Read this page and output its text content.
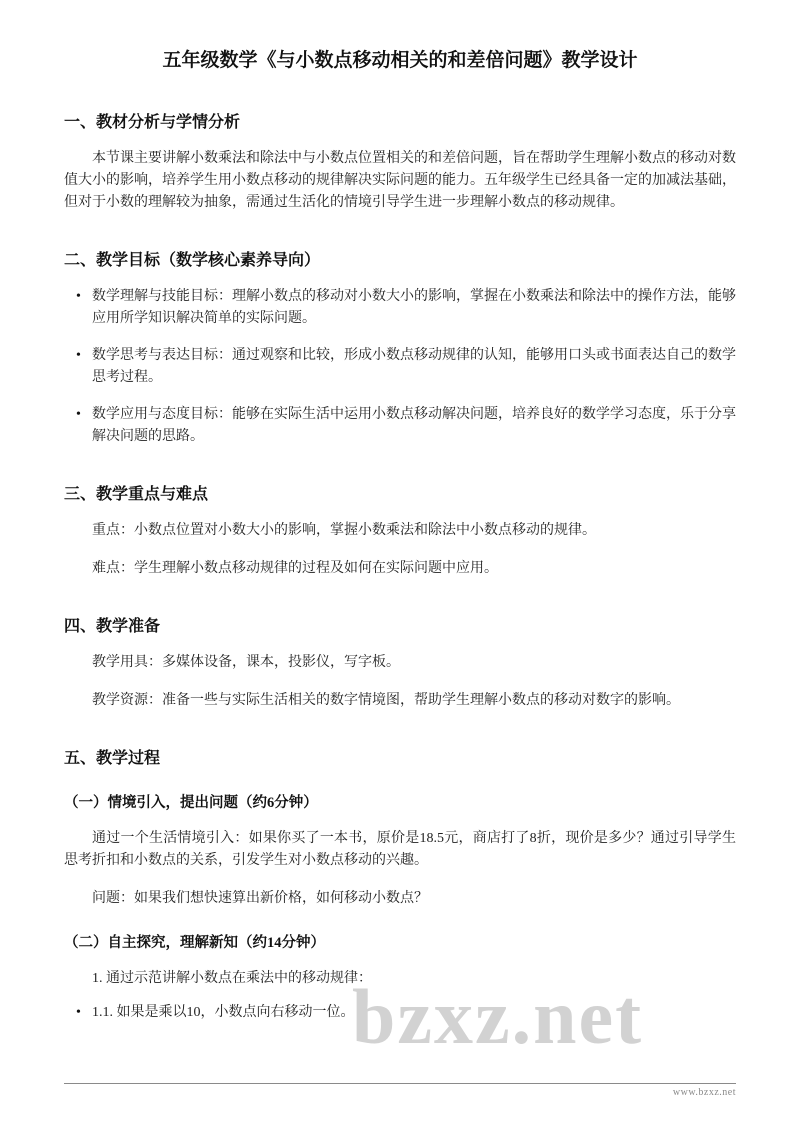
bzxz.net
五年级数学《与小数点移动相关的和差倍问题》教学设计
一、教材分析与学情分析

本节课主要讲解小数乘法和除法中与小数点位置相关的和差倍问题，旨在帮助学生理解小数点的移动对数值大小的影响，培养学生用小数点移动的规律解决实际问题的能力。五年级学生已经具备一定的加减法基础，但对于小数的理解较为抽象，需通过生活化的情境引导学生进一步理解小数点的移动规律。

二、教学目标（数学核心素养导向）
• 数学理解与技能目标：理解小数点的移动对小数大小的影响，掌握在小数乘法和除法中的操作方法，能够应用所学知识解决简单的实际问题。
• 数学思考与表达目标：通过观察和比较，形成小数点移动规律的认知，能够用口头或书面表达自己的数学思考过程。
• 数学应用与态度目标：能够在实际生活中运用小数点移动解决问题，培养良好的数学学习态度，乐于分享解决问题的思路。
三、教学重点与难点

重点：小数点位置对小数大小的影响，掌握小数乘法和除法中小数点移动的规律。

难点：学生理解小数点移动规律的过程及如何在实际问题中应用。

四、教学准备

教学用具：多媒体设备，课本，投影仪，写字板。

教学资源：准备一些与实际生活相关的数字情境图，帮助学生理解小数点的移动对数字的影响。

五、教学过程
（一）情境引入，提出问题（约6分钟）

通过一个生活情境引入：如果你买了一本书，原价是18.5元，商店打了8折，现价是多少？通过引导学生思考折扣和小数点的关系，引发学生对小数点移动的兴趣。

问题：如果我们想快速算出新价格，如何移动小数点？

（二）自主探究，理解新知（约14分钟）

1. 通过示范讲解小数点在乘法中的移动规律：

• 1.1. 如果是乘以10，小数点向右移动一位。
www.bzxz.net
